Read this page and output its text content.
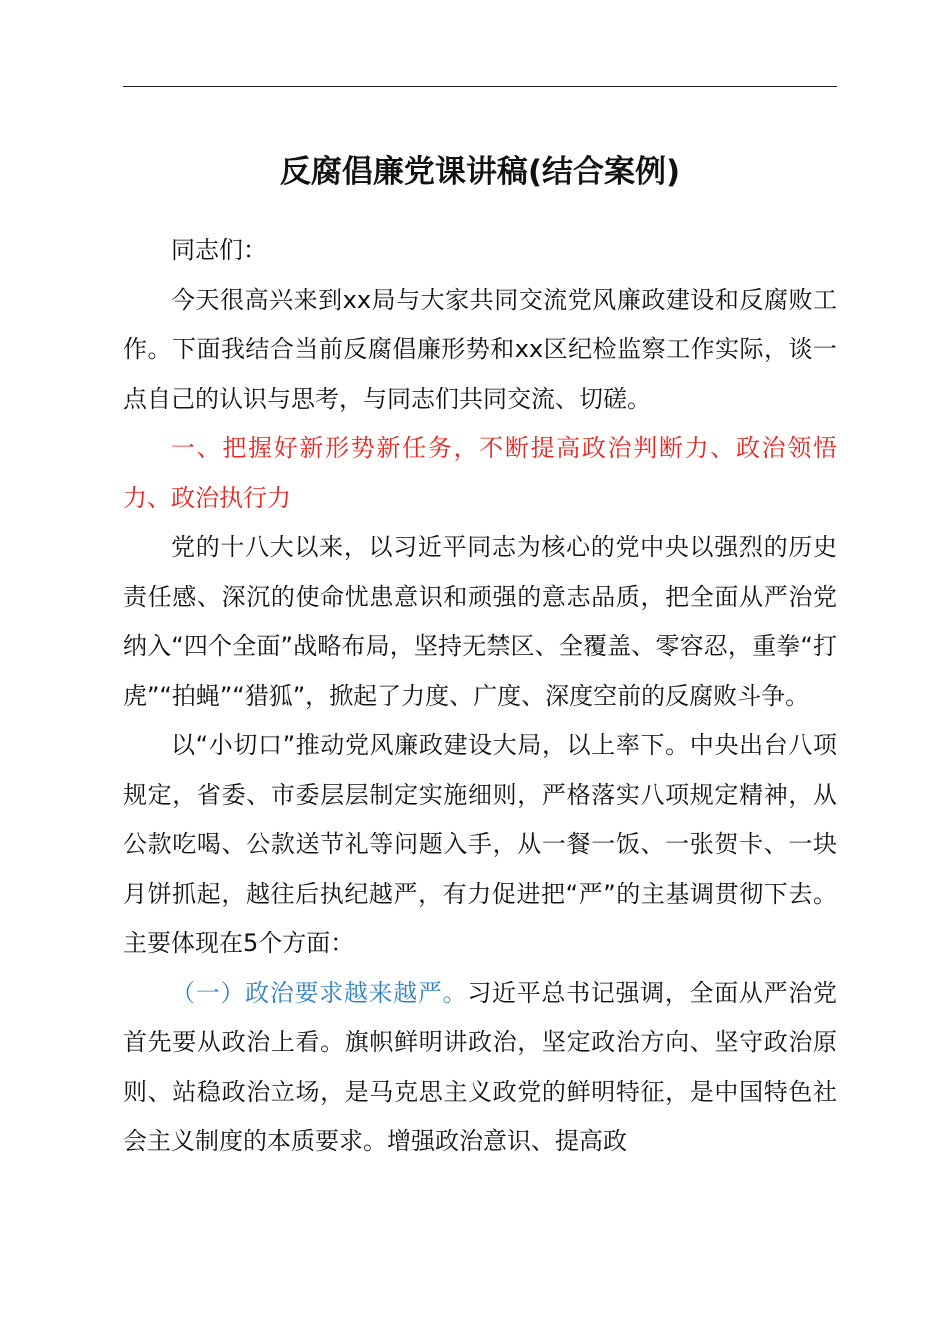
反腐倡廉党课讲稿(结合案例)

同志们：

今天很高兴来到xx局与大家共同交流党风廉政建设和反腐败工作。下面我结合当前反腐倡廉形势和xx区纪检监察工作实际，谈一点自己的认识与思考，与同志们共同交流、切磋。

一、把握好新形势新任务，不断提高政治判断力、政治领悟力、政治执行力

党的十八大以来，以习近平同志为核心的党中央以强烈的历史责任感、深沉的使命忧患意识和顽强的意志品质，把全面从严治党纳入“四个全面”战略布局，坚持无禁区、全覆盖、零容忍，重拳“打虎”“拍蝇”“猎狐”，掀起了力度、广度、深度空前的反腐败斗争。

以“小切口”推动党风廉政建设大局，以上率下。中央出台八项规定，省委、市委层层制定实施细则，严格落实八项规定精神，从公款吃喝、公款送节礼等问题入手，从一餐一饭、一张贺卡、一块月饼抓起，越往后执纪越严，有力促进把“严”的主基调贯彻下去。主要体现在5个方面：

（一）政治要求越来越严。习近平总书记强调，全面从严治党首先要从政治上看。旗帜鲜明讲政治，坚定政治方向、坚守政治原则、站稳政治立场，是马克思主义政党的鲜明特征，是中国特色社会主义制度的本质要求。增强政治意识、提高政
